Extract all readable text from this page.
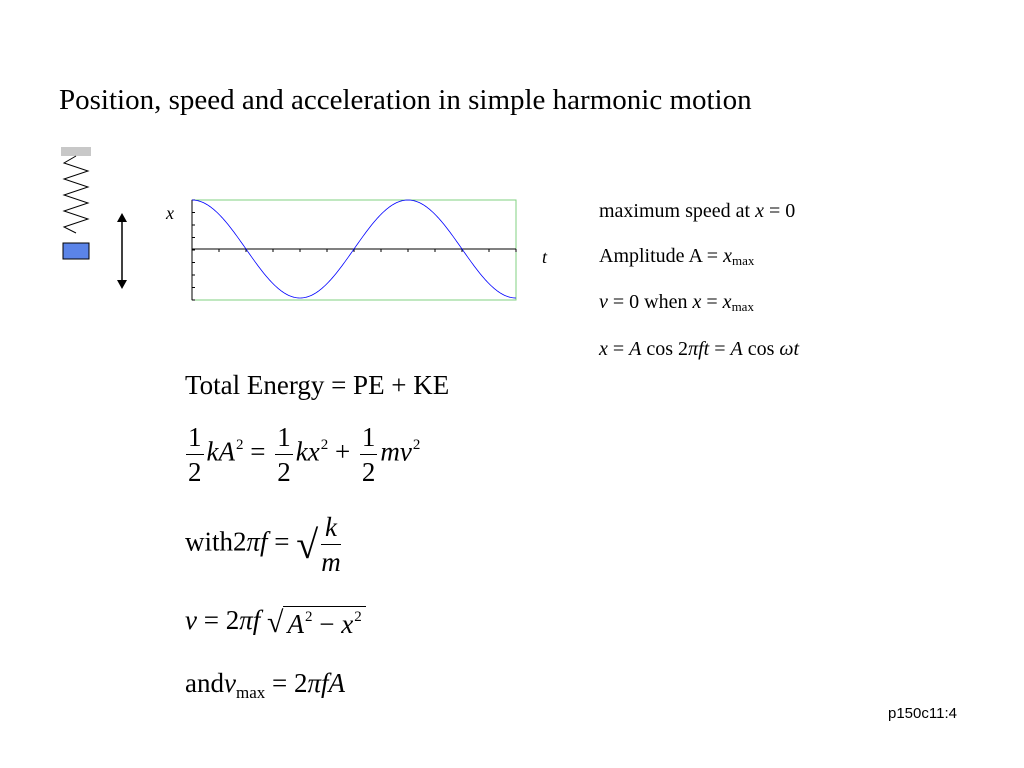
Position, speed and acceleration in simple harmonic motion
x
t
maximum speed at x = 0
Amplitude $A = x_{max}$
v = 0 when $x = x_{max}$
x = A cos 2πft = A cos ωt
Total Energy = PE + KE
$\frac{1}{2} kA^2 = \frac{1}{2} kx^2 + \frac{1}{2} mv^2$
with2πf = √ $\frac{k}{m}$
v = 2πf √ $A^2 - x^2$
andv$_{max}$ = 2πfA
p150c11:4
